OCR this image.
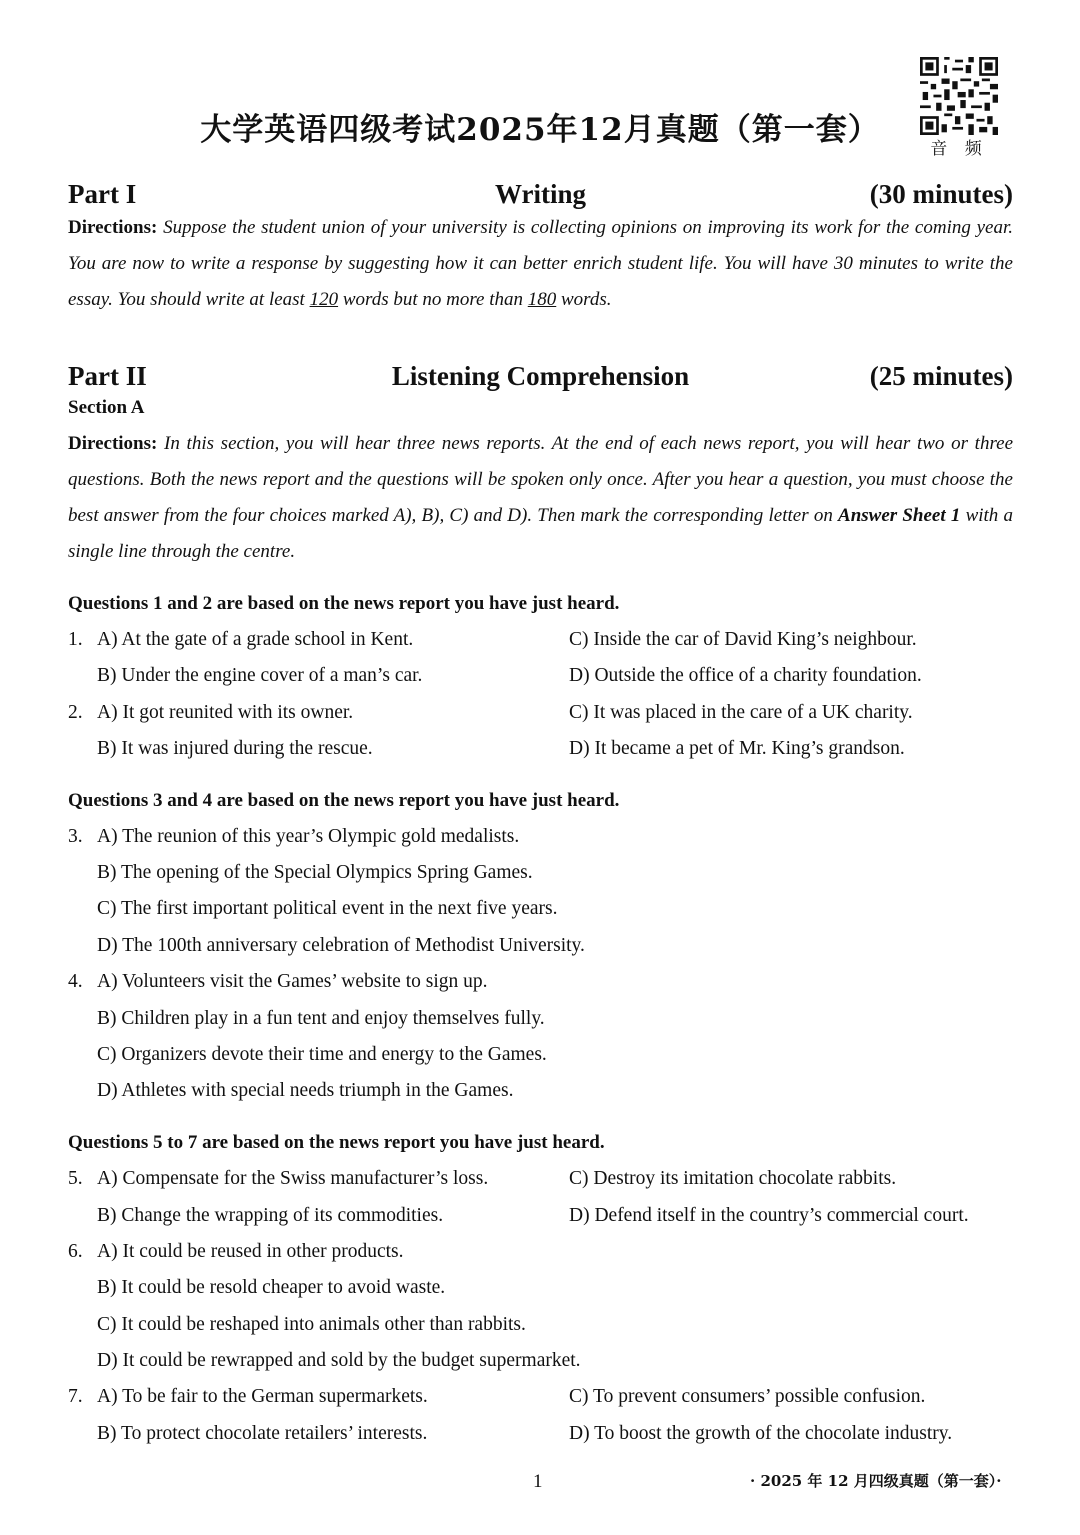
大学英语四级考试2025年12月真题（第一套）
音 频
Part I	Writing	(30 minutes)
Directions: Suppose the student union of your university is collecting opinions on improving its work for the coming year. You are now to write a response by suggesting how it can better enrich student life. You will have 30 minutes to write the essay. You should write at least 120 words but no more than 180 words.
Part II	Listening Comprehension	(25 minutes)
Section A
Directions: In this section, you will hear three news reports. At the end of each news report, you will hear two or three questions. Both the news report and the questions will be spoken only once. After you hear a question, you must choose the best answer from the four choices marked A), B), C) and D). Then mark the corresponding letter on Answer Sheet 1 with a single line through the centre.
Questions 1 and 2 are based on the news report you have just heard.
1. A) At the gate of a grade school in Kent.	C) Inside the car of David King’s neighbour.
B) Under the engine cover of a man’s car.	D) Outside the office of a charity foundation.
2. A) It got reunited with its owner.	C) It was placed in the care of a UK charity.
B) It was injured during the rescue.	D) It became a pet of Mr. King’s grandson.
Questions 3 and 4 are based on the news report you have just heard.
3. A) The reunion of this year’s Olympic gold medalists.
B) The opening of the Special Olympics Spring Games.
C) The first important political event in the next five years.
D) The 100th anniversary celebration of Methodist University.
4. A) Volunteers visit the Games’ website to sign up.
B) Children play in a fun tent and enjoy themselves fully.
C) Organizers devote their time and energy to the Games.
D) Athletes with special needs triumph in the Games.
Questions 5 to 7 are based on the news report you have just heard.
5. A) Compensate for the Swiss manufacturer’s loss.	C) Destroy its imitation chocolate rabbits.
B) Change the wrapping of its commodities.	D) Defend itself in the country’s commercial court.
6. A) It could be reused in other products.
B) It could be resold cheaper to avoid waste.
C) It could be reshaped into animals other than rabbits.
D) It could be rewrapped and sold by the budget supermarket.
7. A) To be fair to the German supermarkets.	C) To prevent consumers’ possible confusion.
B) To protect chocolate retailers’ interests.	D) To boost the growth of the chocolate industry.
1	· 2025 年 12 月四级真题（第一套）·
